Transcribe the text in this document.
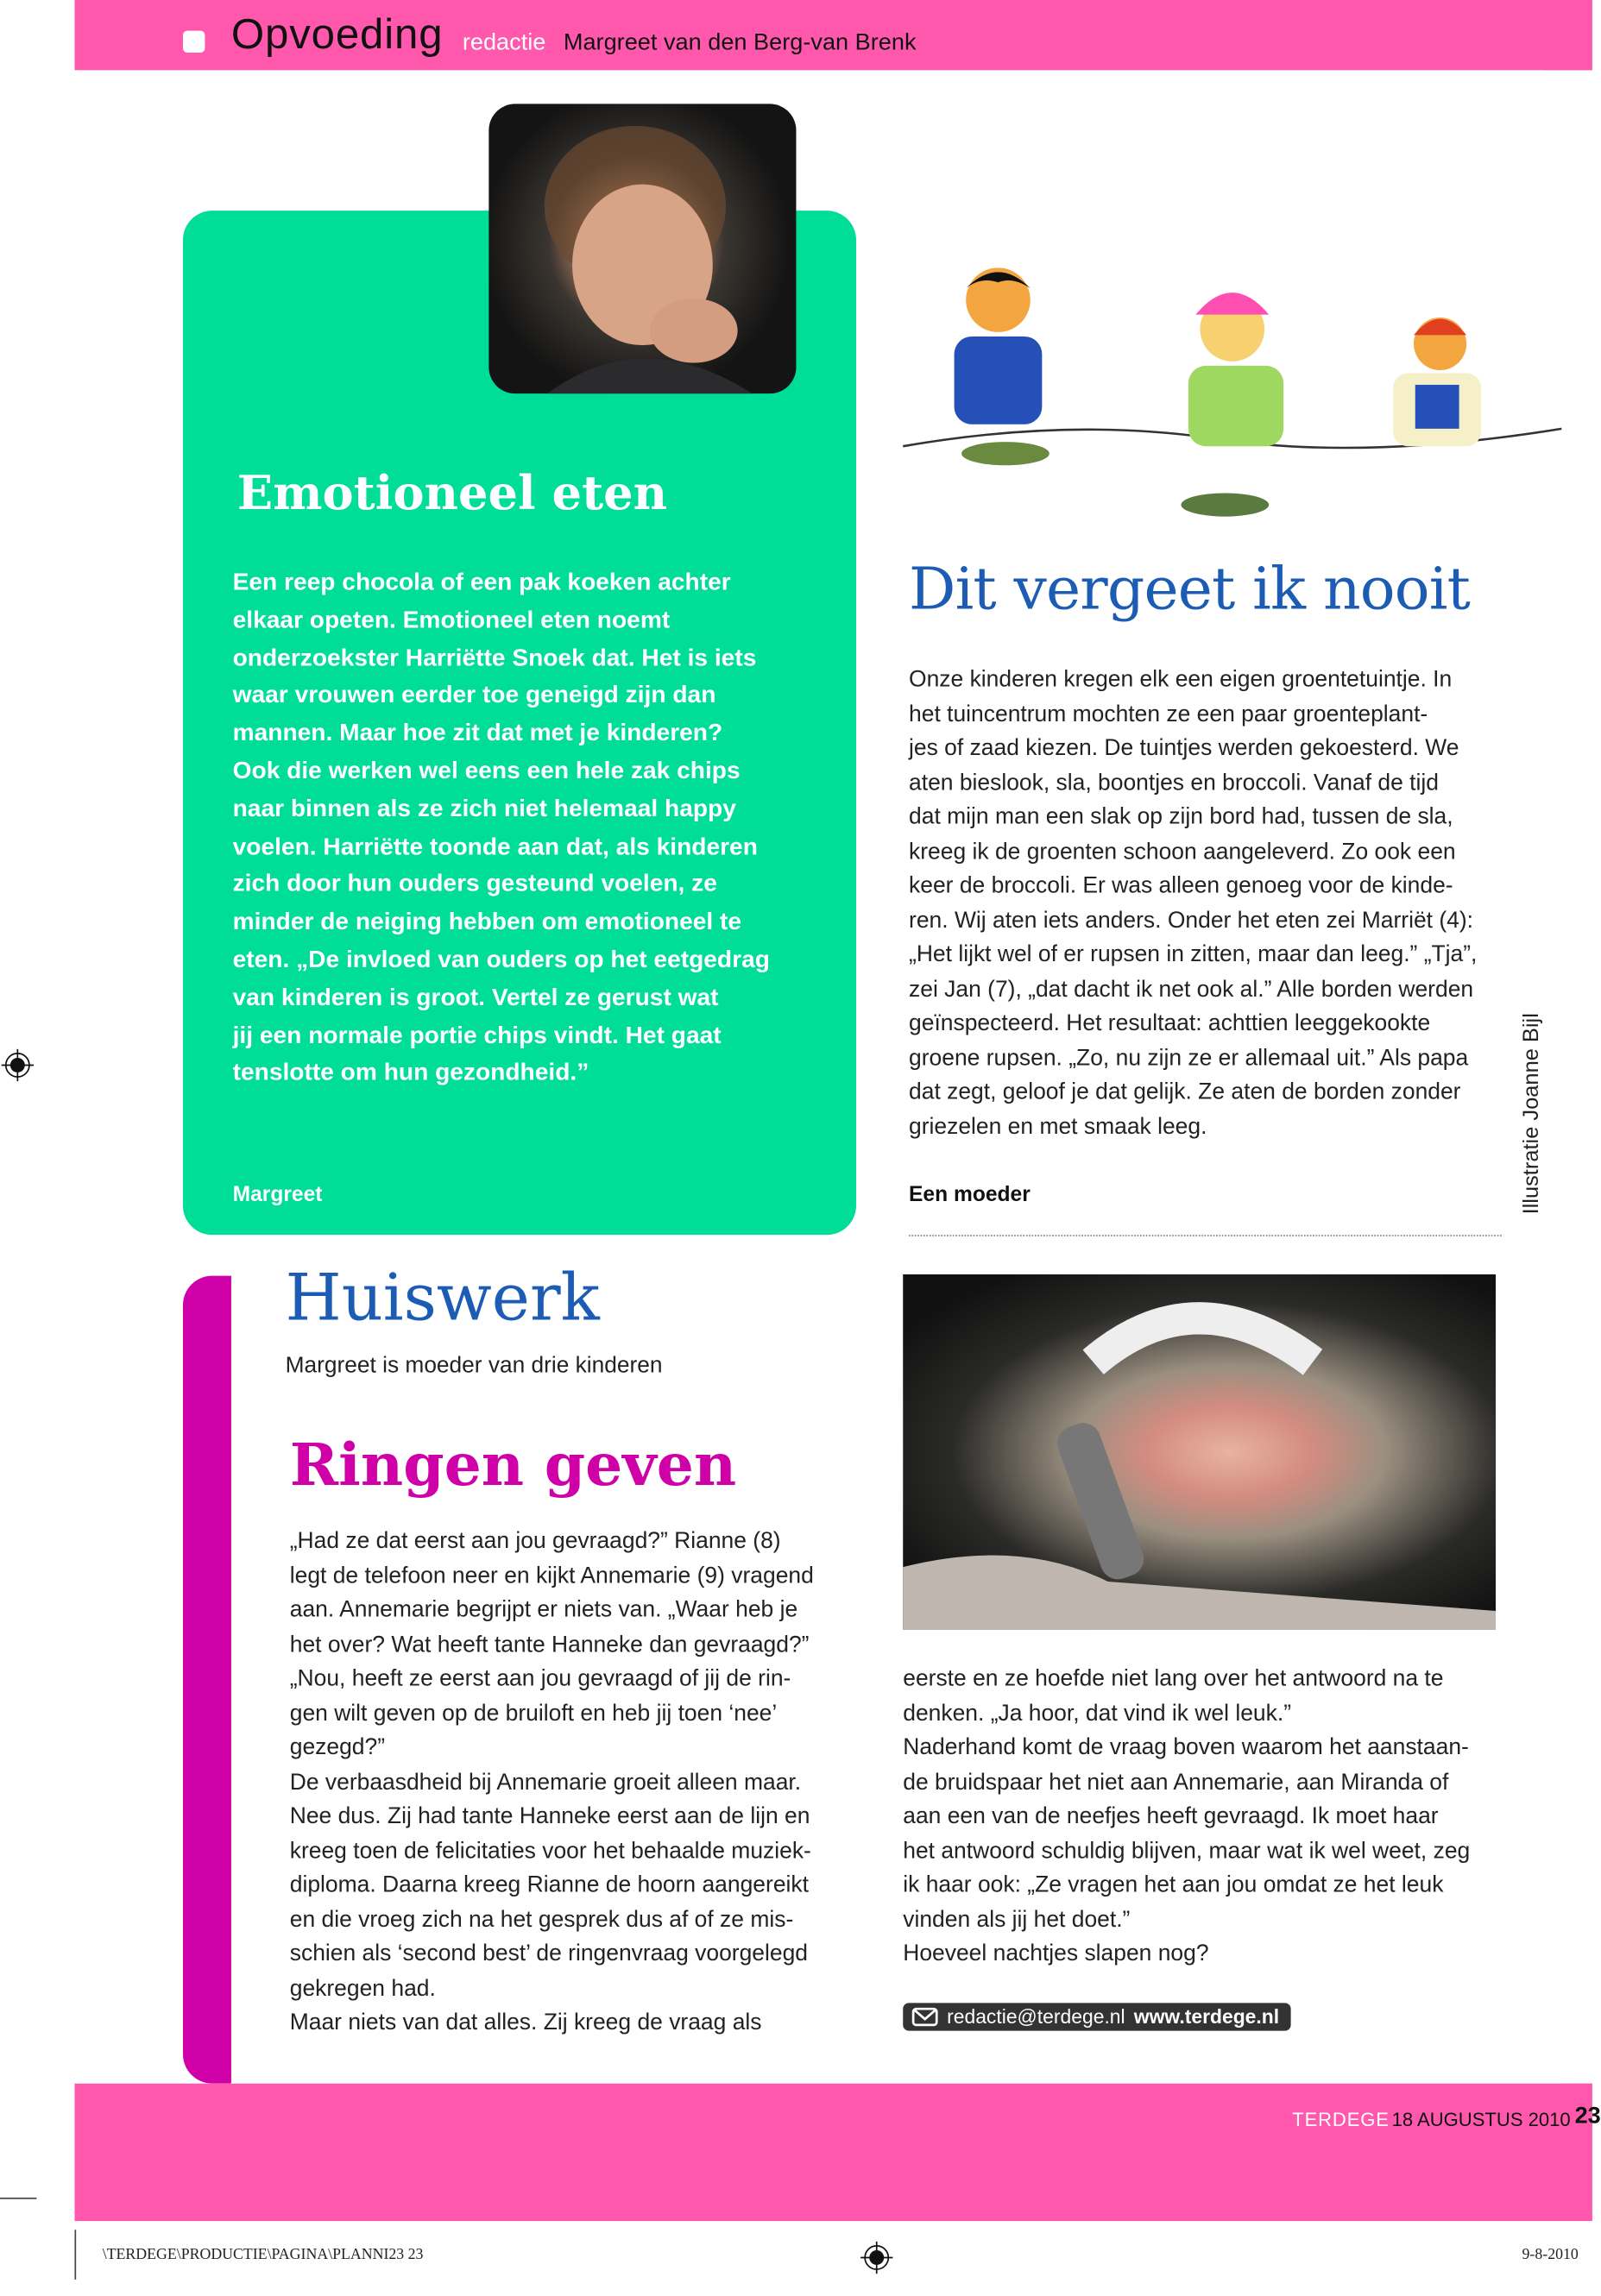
Opvoeding redactie Margreet van den Berg-van Brenk
Emotioneel eten
Een reep chocola of een pak koeken achter
elkaar opeten. Emotioneel eten noemt
onderzoekster Harriëtte Snoek dat. Het is iets
waar vrouwen eerder toe geneigd zijn dan
mannen. Maar hoe zit dat met je kinderen?
Ook die werken wel eens een hele zak chips
naar binnen als ze zich niet helemaal happy
voelen. Harriëtte toonde aan dat, als kinderen
zich door hun ouders gesteund voelen, ze
minder de neiging hebben om emotioneel te
eten. „De invloed van ouders op het eetgedrag
van kinderen is groot. Vertel ze gerust wat
jij een normale portie chips vindt. Het gaat
tenslotte om hun gezondheid.”
Margreet
Dit vergeet ik nooit
Onze kinderen kregen elk een eigen groentetuintje. In
het tuincentrum mochten ze een paar groenteplant-
jes of zaad kiezen. De tuintjes werden gekoesterd. We
aten bieslook, sla, boontjes en broccoli. Vanaf de tijd
dat mijn man een slak op zijn bord had, tussen de sla,
kreeg ik de groenten schoon aangeleverd. Zo ook een
keer de broccoli. Er was alleen genoeg voor de kinde-
ren. Wij aten iets anders. Onder het eten zei Marriët (4):
„Het lijkt wel of er rupsen in zitten, maar dan leeg.” „Tja”,
zei Jan (7), „dat dacht ik net ook al.” Alle borden werden
geïnspecteerd. Het resultaat: achttien leeggekookte
groene rupsen. „Zo, nu zijn ze er allemaal uit.” Als papa
dat zegt, geloof je dat gelijk. Ze aten de borden zonder
griezelen en met smaak leeg.
Een moeder	Illustratie Joanne Bijl
Huiswerk
Margreet is moeder van drie kinderen
Ringen geven
„Had ze dat eerst aan jou gevraagd?” Rianne (8)
legt de telefoon neer en kijkt Annemarie (9) vragend
aan. Annemarie begrijpt er niets van. „Waar heb je
het over? Wat heeft tante Hanneke dan gevraagd?”
„Nou, heeft ze eerst aan jou gevraagd of jij de rin-
gen wilt geven op de bruiloft en heb jij toen ‘nee’
gezegd?”
De verbaasdheid bij Annemarie groeit alleen maar.
Nee dus. Zij had tante Hanneke eerst aan de lijn en
kreeg toen de felicitaties voor het behaalde muziek-
diploma. Daarna kreeg Rianne de hoorn aangereikt
en die vroeg zich na het gesprek dus af of ze mis-
schien als ‘second best’ de ringenvraag voorgelegd
gekregen had.
Maar niets van dat alles. Zij kreeg de vraag als
eerste en ze hoefde niet lang over het antwoord na te
denken. „Ja hoor, dat vind ik wel leuk.”
Naderhand komt de vraag boven waarom het aanstaan-
de bruidspaar het niet aan Annemarie, aan Miranda of
aan een van de neefjes heeft gevraagd. Ik moet haar
het antwoord schuldig blijven, maar wat ik wel weet, zeg
ik haar ook: „Ze vragen het aan jou omdat ze het leuk
vinden als jij het doet.”
Hoeveel nachtjes slapen nog?
redactie@terdege.nl www.terdege.nl
TERDEGE 18 AUGUSTUS 2010 23
\TERDEGE\PRODUCTIE\PAGINA\PLANNI23 23	9-8-2010
